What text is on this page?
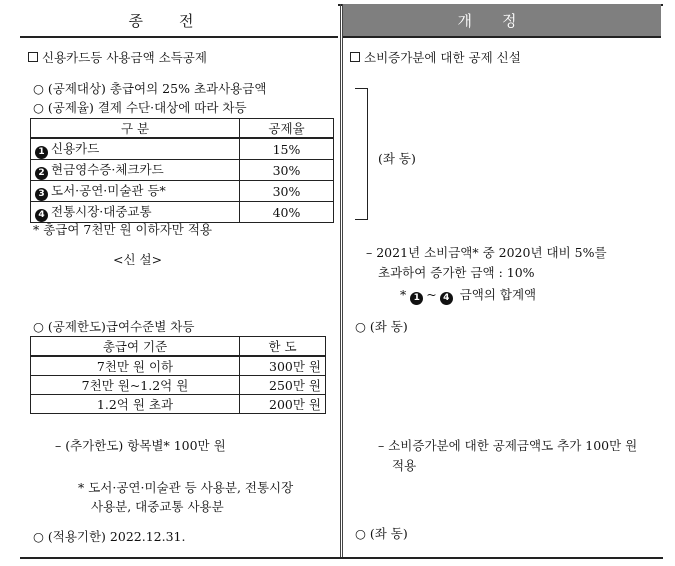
종전	개정
신용카드등 사용금액 소득공제
○ (공제대상) 총급여의 25% 초과사용금액
○ (공제율) 결제 수단·대상에 따라 차등
구 분	공제율
1 신용카드	15%
2 현금영수증·체크카드	30%
3 도서·공연·미술관 등*	30%
4 전통시장·대중교통	40%
* 총급여 7천만 원 이하자만 적용
<신 설>
○ (공제한도)급여수준별 차등
총급여 기준	한 도
7천만 원 이하	300만 원
7천만 원~1.2억 원	250만 원
1.2억 원 초과	200만 원
– (추가한도) 항목별* 100만 원
* 도서·공연·미술관 등 사용분, 전통시장
사용분, 대중교통 사용분
○ (적용기한) 2022.12.31.
소비증가분에 대한 공제 신설
(좌 동)
– 2021년 소비금액* 중 2020년 대비 5%를
초과하여 증가한 금액 : 10%
* 1 ~ 4 금액의 합계액
○ (좌 동)
– 소비증가분에 대한 공제금액도 추가 100만 원
적용
○ (좌 동)
